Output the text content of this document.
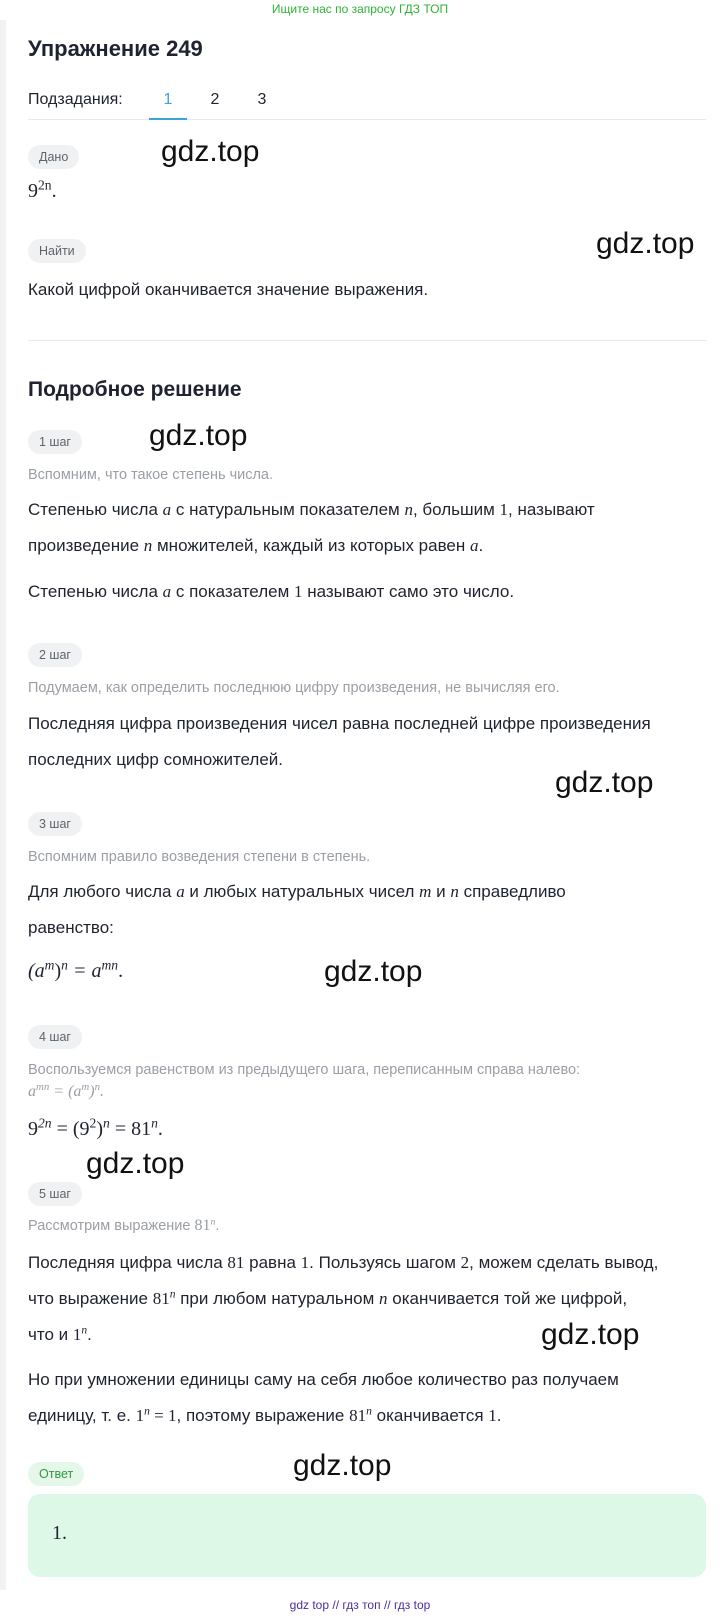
Ищите нас по запросу ГДЗ ТОП
Упражнение 249
Подзадания:	1	2	3
Дано
$9^{2n}$.
Найти
Какой цифрой оканчивается значение выражения.
Подробное решение
1 шаг
Вспомним, что такое степень числа.
Степенью числа a с натуральным показателем n, большим 1, называют
произведение n множителей, каждый из которых равен a.
Степенью числа a с показателем 1 называют само это число.
2 шаг
Подумаем, как определить последнюю цифру произведения, не вычисляя его.
Последняя цифра произведения чисел равна последней цифре произведения
последних цифр сомножителей.
3 шаг
Вспомним правило возведения степени в степень.
Для любого числа a и любых натуральных чисел m и n справедливо
равенство:
$(a^m)^n = a^{mn}$.
4 шаг
Воспользуемся равенством из предыдущего шага, переписанным справа налево:
$a^{mn} = (a^m)^n$.
$9^{2n} = (9^2)^n = 81^n$.
5 шаг
Рассмотрим выражение 81$^n$.
Последняя цифра числа 81 равна 1. Пользуясь шагом 2, можем сделать вывод,
что выражение 81$^n$ при любом натуральном n оканчивается той же цифрой,
что и 1$^n$.
Но при умножении единицы саму на себя любое количество раз получаем
единицу, т. е. $1^n = 1$, поэтому выражение 81$^n$ оканчивается 1.
Ответ
1.
gdz.top
gdz.top
gdz.top
gdz.top
gdz.top
gdz.top
gdz.top
gdz.top
gdz top // гдз топ // гдз top
